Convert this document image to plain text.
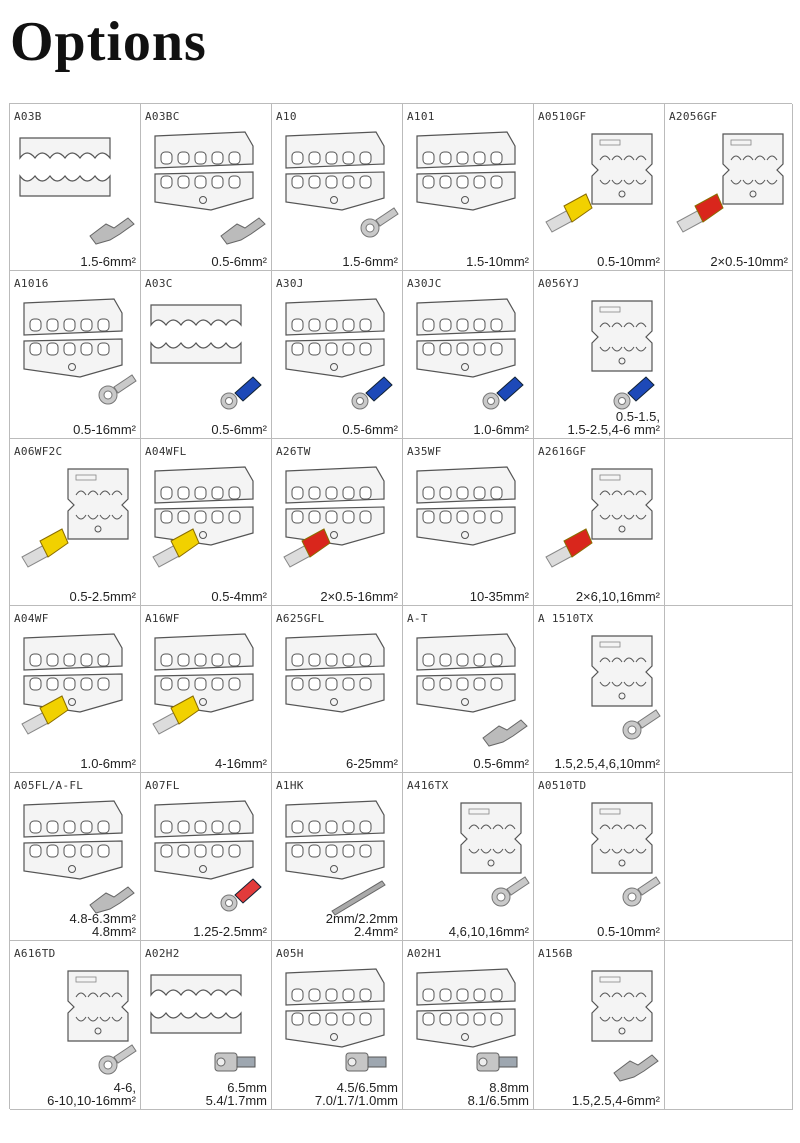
Options
A03B
1.5-6mm²
A03BC
0.5-6mm²
A10
1.5-6mm²
A101
1.5-10mm²
A0510GF
0.5-10mm²
A2056GF
2×0.5-10mm²
A1016
0.5-16mm²
A03C
0.5-6mm²
A30J
0.5-6mm²
A30JC
1.0-6mm²
A056YJ
0.5-1.5,
1.5-2.5,4-6 mm²
A06WF2C
0.5-2.5mm²
A04WFL
0.5-4mm²
A26TW
2×0.5-16mm²
A35WF
10-35mm²
A2616GF
2×6,10,16mm²
A04WF
1.0-6mm²
A16WF
4-16mm²
A625GFL
6-25mm²
A-T
0.5-6mm²
A 1510TX
1.5,2.5,4,6,10mm²
A05FL/A-FL
4.8-6.3mm²
4.8mm²
A07FL
1.25-2.5mm²
A1HK
2mm/2.2mm
2.4mm²
A416TX
4,6,10,16mm²
A0510TD
0.5-10mm²
A616TD
4-6,
6-10,10-16mm²
A02H2
6.5mm
5.4/1.7mm
A05H
4.5/6.5mm
7.0/1.7/1.0mm
A02H1
8.8mm
8.1/6.5mm
A156B
1.5,2.5,4-6mm²
